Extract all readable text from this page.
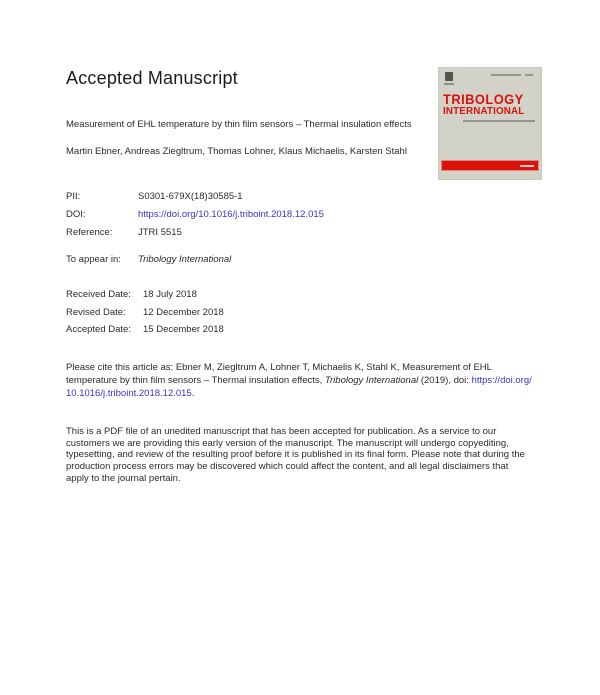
Accepted Manuscript
Measurement of EHL temperature by thin film sensors – Thermal insulation effects
Martin Ebner, Andreas Ziegltrum, Thomas Lohner, Klaus Michaelis, Karsten Stahl
TRIBOLOGY
INTERNATIONAL
PII:	S0301-679X(18)30585-1
DOI:	https://doi.org/10.1016/j.triboint.2018.12.015
Reference:	JTRI 5515
To appear in: Tribology International
Received Date: 18 July 2018
Revised Date: 12 December 2018
Accepted Date: 15 December 2018
Please cite this article as: Ebner M, Ziegltrum A, Lohner T, Michaelis K, Stahl K, Measurement of EHL temperature by thin film sensors – Thermal insulation effects, Tribology International (2019), doi: https://doi.org/10.1016/j.triboint.2018.12.015.
This is a PDF file of an unedited manuscript that has been accepted for publication. As a service to our customers we are providing this early version of the manuscript. The manuscript will undergo copyediting, typesetting, and review of the resulting proof before it is published in its final form. Please note that during the production process errors may be discovered which could affect the content, and all legal disclaimers that apply to the journal pertain.
